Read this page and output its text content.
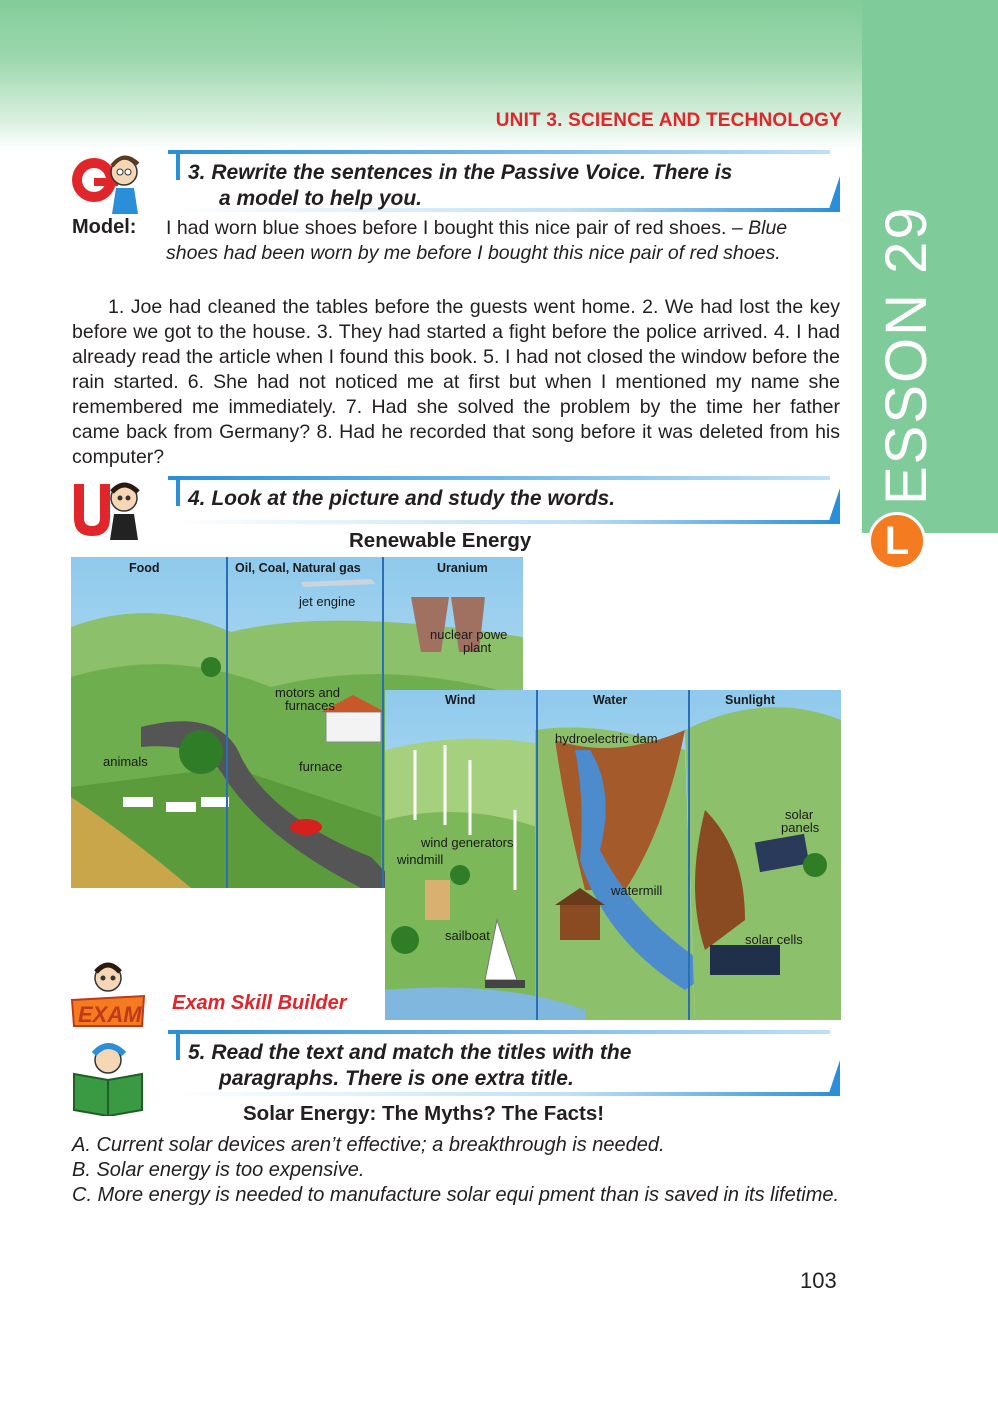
UNIT 3. SCIENCE AND TECHNOLOGY
ESSON 29
L
3. Rewrite the sentences in the Passive Voice. There is
a model to help you.
Model: I had worn blue shoes before I bought this nice pair of red shoes. – Blue shoes had been worn by me before I bought this nice pair of red shoes.
1. Joe had cleaned the tables before the guests went home. 2. We had lost the key before we got to the house. 3. They had started a fight before the police arrived. 4. I had already read the article when I found this book. 5. I had not closed the window before the rain started. 6. She had not noticed me at first but when I mentioned my name she remembered me immediately. 7. Had she solved the problem by the time her father came back from Germany? 8. Had he recorded that song before it was deleted from his computer?
4. Look at the picture and study the words.
Renewable Energy
Food	Oil, Coal, Natural gas	Uranium
jet engine
nuclear powe
plant
motors and
furnaces
animals	furnace
Wind	Water	Sunlight
hydroelectric dam
solar
panels
wind generators
windmill
watermill
sailboat	solar cells
EXAM Exam Skill Builder
5. Read the text and match the titles with the
paragraphs. There is one extra title.
Solar Energy: The Myths? The Facts!
A. Current solar devices aren’t effective; a breakthrough is needed.
B. Solar energy is too expensive.
C. More energy is needed to manufacture solar equi pment than is saved in its lifetime.
103
